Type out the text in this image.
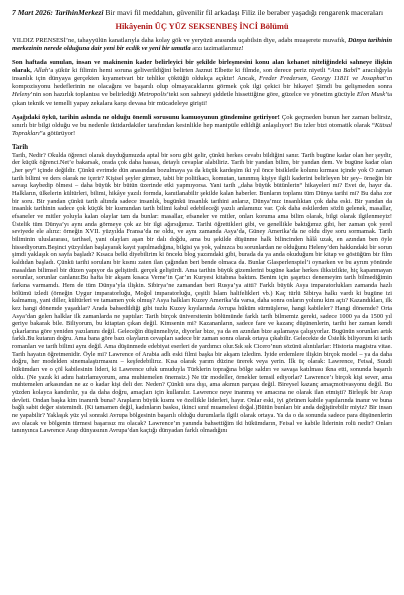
7 Mart 2026: TarihinMerkezi Bir mavi fil meddahın, güvenilir fil arkadaşı Filiz ile beraber yaşadığı rengarenk maceraları

Hikâyenin ÜÇ YÜZ SEKSENBEŞ İNCİ Bölümü

YILDIZ PRENSESİ’ne, tahayyülün kanatlarıyla daha kolay gök ve yeryüzü arasında uçabilsin diye, adabı muaşerete muvafık, Dünya tarihinin merkezinin nerede olduğuna dair yeni bir ecdik ve yeni bir umutla arzı tazimatlarımız!

Son haftada sunulan, insan ve makinenin kader belirleyici bir şekilde birleşmesini konu alan kehanet niteliğindeki sahneye ilişkin olarak, Allah’a şükür ki filimin hemi soruna geliverildiğini belirten Jaznut Elbette ki filmde, son derece periz niyetli “Ana Babil” aracılığıyla insanlık için dünyaya gerçekten kıyametvari bir tehlike çöktüğü oldukça açıktır! Ancak, Freder Fredersen, Georgy 11811 ve Josaphat’ın kompozisyonu hedeflerinin ne olacağını ve başarılı olup olmayacaklarını görmek çok ilgi çekici bir hikaye! Şimdi bu gelişmeden sonra Heleny’nin son hazırlık toplantısı ve belirlediği Metropolis’teki son sahneyi şiddetle hissettiğine göre, güzelce ve yönetim gücüyle Elon Musk’ta çıkan teknik ve temelli yapay zekalara karşı devasa bir mücadeleye girişti!

Aşağıdaki öykü, tarihin aslında ne olduğu önemli sorusunu kamuoyunun gündemine getiriyor! Çok geçmeden bunun her zaman belirsiz, sınırlı bir bilgi olduğu ve bu nedenle iktidardakiler tarafından kesinlikle hep manipüle edildiği anlaşılıyor! Bu izler bizi otomatik olarak “Kütsal Toprakları”a götürüyor!

Tarih

Tarih, Nedir? Okulda öğrenci olarak duyduğumuzda aptal bir soru gibi gelir, çünkü herkes cevabı bildiğini sanır. Tarih bugüne kadar olan her şeydir, der küçük öğrenci.Net’e bakarsak, orada çok daha hassas, detaylı cevaplar alabiliriz. Tarih bir yandan bilim, bir yandan dem. Ve bugüne kadar olan „her şey“ içinde değildir. Çünkü evrimde dün anasından bozulmaya ya da küçük kardeşim iki yıl önce bisikletle kolunu kırması içinde yok O zaman tarih bilimi ve ders olarak ne içerir? Kişisel şeyler girmez, tabii bir politikacı, komutan, tanınmış kişiye ilgili kaderini belirleyen bir şey– örneğin bir savaşı kaybedip ölmesi – daha büyük bir bütün üzerinde etki yapmıyorsa. Yani tarih „daha büyük bütünlerin“ hikayeleri mi? Evet de, hayır da. Halkların, ülkelerin kültürleri, bilimi, hikâye yazılı formda, kanıtlanabilir şekilde kalan haberler. Bunların toplamı tüm Dünya tarihi mi? Bu daha zor bir soru. Bir yandan çünkü tarih altında sadece insanlık, bugünkü insanlık tarihini anlarız, Dünya’mız insanlıktan çok daha eski. Bir yandan da insanlık tarihinin sadece çok küçük bir kısmından tarih bilimi kabul edebileceği yazılı anlamınız var. Çok daha eskilerden sözlü gelenek, masallar, efsaneler ve mitler yoluyla kalan olaylar tam da bunlar: masallar, efsaneler ve mitler, onları koruma ama bilim olarak, bilgi olarak ilgilenmeyiz! Üstelik tüm Dünya’yı aynı anda görmeye çok az bir ilgi ağırsığımız. Tarihi öğrettikleri gibi, ve genellikle baktığımız gibi, her zaman çok yerel seviyede ele alırız: örneğin XVII. yüzyılda Fransa’da ne oldu, ve aynı zamanda Asya’da, Güney Amerika’da ne oldu diye soru sormamak. Tarih biliminin uluslararası, tarihsel, yani olayları aşan bir dalı doğdu, ama bu şekilde düşünme halk bilincinden hâlâ uzak, en azından ben öyle hissediyorum.Beşinci yüzyıldan başlayarak kayıt yapılmadığına, bilgisi ya yok, yalnızca bu sorunlardan ne olduğunu Heleny’den hakkındaki bir sorun şimdi yaklaşık on sayfa başladı? Kısaca belki diyebilirim ki öncekı blog yazımdaki gibi, burada da ya anda okuduğum bir kitap ve göstüğüm bir film kaldıdan başladı. Çünkü tarihi sorulanı bir kısmı zaten ilan çağından beri bende olmaca da. Bunlar Glasperlenspiel’i oynarken ve bu ayrım yönünde masaldan bilimsel bir düzen yapıyor da geliştirdi. gerçek geliştirdi. Ama tarihin büyük gizemlerini bugüne kadar herkes iliksizlikte, hiç kapanmayan sorunlar, sorunlar canlanır.Bu hafta bir akşam kısaca Verne’in Çar’ın Kuryesi kitabına baktım. Benim için şaşırtıcı denemeyim tarih bilmediğimin farkına varmamdı. Hem de tüm Dünya’yla ilişkin. Sibirya’ne zamandan beri Rusya’ya aitti? Farklı büyük Asya imparatorlukları zamanda hazlı bölümü izledi (örneğin Uygur imparatorluğu, Moğol imparatorluğu, çeşitli İslam halifelikleri vb.) Kaç türlü Sibirya halkı vardı ki bugüne izi kalmamış, yani diller, kültürleri ve tamamen yok olmuş? Asya halkları Kuzey Amerika’da varsa, daha sonra onların yolunu kim açtı? Kazandıkları, ilk kez hangi dönemde yaşadılar? Arada bahsedildiği gibi tuzlu Kuzey kıyılarında Avrupa hüküm sürmüşlerse, hangi kabileler? Hangi dönemde? Orta Asya’dan gelen halklar ilk zamanlarda ne yaptılar: Tarih birçok üniversitenin bölümünde farklı tarih bilmemiz gereki, sadece 1000 ya da 1500 yıl geriye bakarak bile. Biliyorum, bu kitaptan çıkan değil. Kimsenin mi? Kazananların, sadece fare ve kazanç düşünenlerin, tarihi her zaman kendi çıkarlarına göre yeniden yazılanını değil. Geleceğin düşünmeliyiz, diyorlar bize, ya da en azından bize aşılamaya çalışıyorlar. Bugünün sorunları artık farklı.Bu kutanın doğru. Ama bana göre bazı olayların cevapları sadece bir zaman sonra olarak ortaya çıkabilir. Gelecekte de Üstelik biliyorum ki tarih romanları ve tarih bilimi aynı değil. Ama düşünmede edebiyat eserleri de yardımcı olur.Sık sık Cicero’nun sözünü alıntılarlar: Historia magistra vitae. Tarih hayatın öğretmenidir. Öyle mi? Lawrence of Arabia adlı eski filmi başka bir akşam izledim. İyide erdemlere ilişkin birçok model – ya da daha doğru, her modelden sinemalaştırmasını – keşfedebilirız. Kısa olarak yarım düzine ürerek veya yerin. İlk üç olarak: Lawrence, Feisal, Suudi hükümdarı ve o çöl kabilesinin lideri, ki Lawrence ufuk umuduyla Türklerin toprağına bölge saldırı ve savaşa katılması ikna etti, sonunda başarılı oldu. (Ne yazık ki adını hatırlamıyorum, ama muhtemelen önemsiz.) Ne tür modeller, örnekler temsil ediyorlar? Lawrence’ı birçok kişi sever, ama muhtemelen arkasından ne az o kadar kişi deli der. Neden? Çünkü sıra dışı, ama akımın parçası değil. Bireysel kazanç amaçmotivasyonu değil. Bu yüzden kolayca kandırılır, ya da daha doğru, amaçları için kullanılır. Lawrence neye inanmış ve amacına ne olarak ilan etmişti? Birleşik bir Arap devleti. Ondan başka kim inanırdı buna? Arapların büyük kısmı ve özellikle liderleri, hayır. Onlar eski, iyi görünen kabile yapılarında inanır ve buna bağlı sabit değer sistemindi. (Ki tamamen değil, kadınların basksı, ikinci sınıf muamelesi doğal.)Bütün bunları bir anda değiştirebilir miyiz? Bir insan ne yapabilir? Yaklaşık yüz yıl sonraki Avrupa bölgesinin başarılı olduğu durumlarla ilgili olarak ortaya. Ya da o da sonunda sadece para düşünenlerin avı olacak ve bölgenin türmesi başarısız mı olacak? Lawrence’ın yanında bahsettiğim iki hükümdarın, Feisal ve kabile liderinin rolü nedir? Onları tanınyınca Lawrence Arap dünyasının Avrupa’dan kaçtığı dünyadan farklı olmadığını
